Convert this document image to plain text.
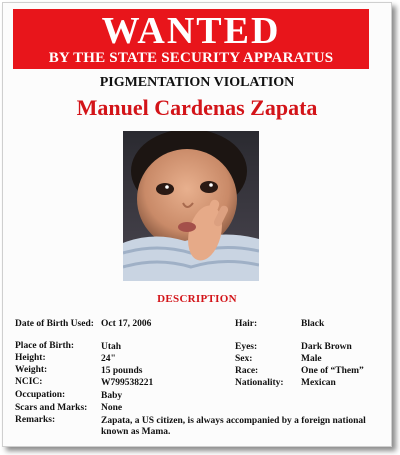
WANTED
BY THE STATE SECURITY APPARATUS
PIGMENTATION VIOLATION
Manuel Cardenas Zapata
DESCRIPTION
Date of Birth Used:
Place of Birth:
Height:
Weight:
NCIC:
Occupation:
Scars and Marks:
Remarks:
Oct 17, 2006
Utah
24"
15 pounds
W799538221
Baby
None
Zapata, a US citizen, is always accompanied by a foreign national known as Mama.
Hair:
Eyes:
Sex:
Race:
Nationality:
Black
Dark Brown
Male
One of “Them”
Mexican
